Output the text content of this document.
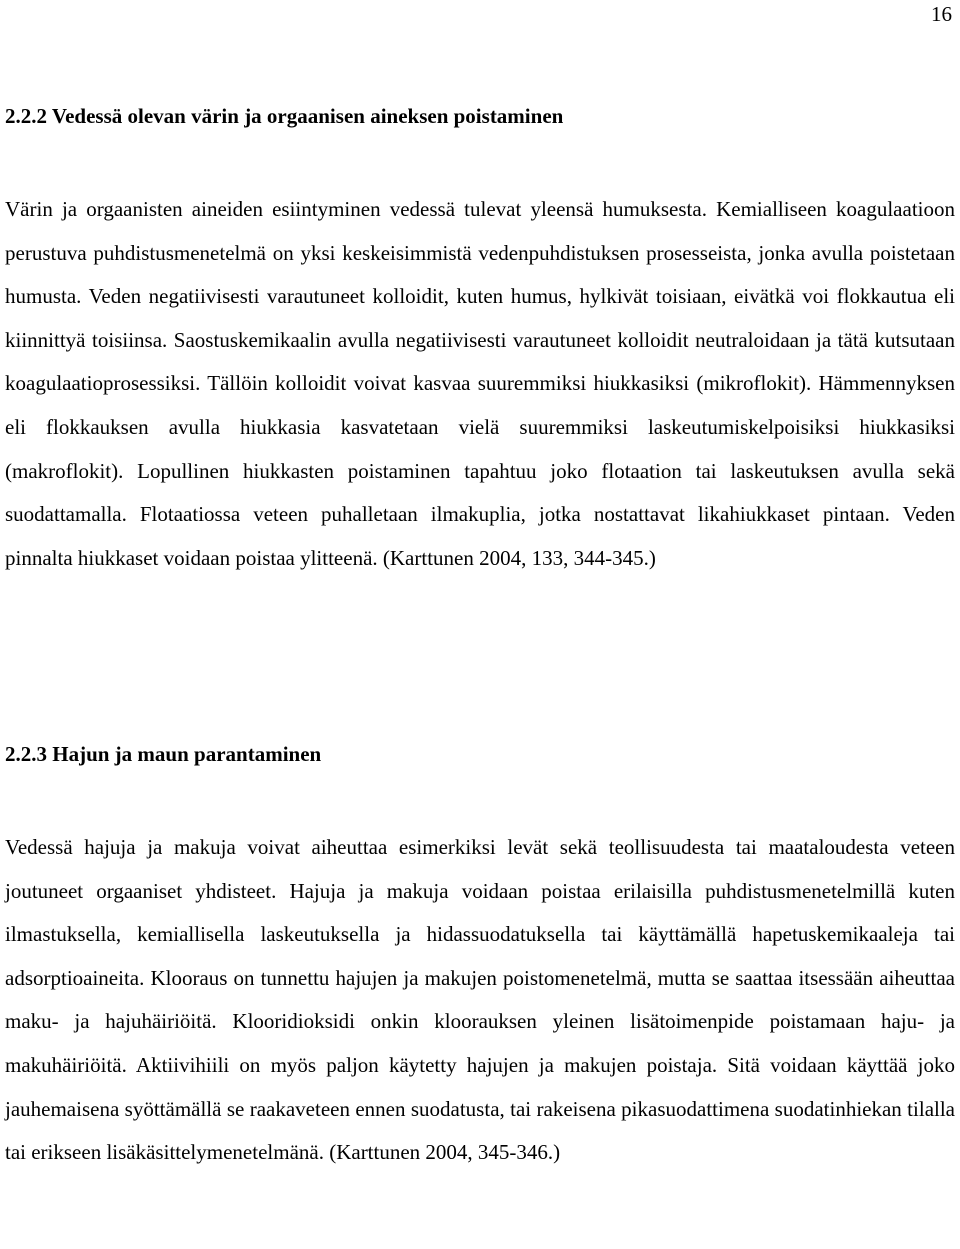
16
2.2.2 Vedessä olevan värin ja orgaanisen aineksen poistaminen

Värin ja orgaanisten aineiden esiintyminen vedessä tulevat yleensä humuksesta. Kemialliseen koagulaatioon perustuva puhdistusmenetelmä on yksi keskeisimmistä vedenpuhdistuksen prosesseista, jonka avulla poistetaan humusta. Veden negatiivisesti varautuneet kolloidit, kuten humus, hylkivät toisiaan, eivätkä voi flokkautua eli kiinnittyä toisiinsa. Saostuskemikaalin avulla negatiivisesti varautuneet kolloidit neutraloidaan ja tätä kutsutaan koagulaatioprosessiksi. Tällöin kolloidit voivat kasvaa suuremmiksi hiukkasiksi (mikroflokit). Hämmennyksen eli flokkauksen avulla hiukkasia kasvatetaan vielä suuremmiksi laskeutumiskelpoisiksi hiukkasiksi (makroflokit). Lopullinen hiukkasten poistaminen tapahtuu joko flotaation tai laskeutuksen avulla sekä suodattamalla. Flotaatiossa veteen puhalletaan ilmakuplia, jotka nostattavat likahiukkaset pintaan. Veden pinnalta hiukkaset voidaan poistaa ylitteenä. (Karttunen 2004, 133, 344-345.)

2.2.3 Hajun ja maun parantaminen

Vedessä hajuja ja makuja voivat aiheuttaa esimerkiksi levät sekä teollisuudesta tai maataloudesta veteen joutuneet orgaaniset yhdisteet. Hajuja ja makuja voidaan poistaa erilaisilla puhdistusmenetelmillä kuten ilmastuksella, kemiallisella laskeutuksella ja hidassuodatuksella tai käyttämällä hapetuskemikaaleja tai adsorptioaineita. Klooraus on tunnettu hajujen ja makujen poistomenetelmä, mutta se saattaa itsessään aiheuttaa maku- ja hajuhäiriöitä. Klooridioksidi onkin kloorauksen yleinen lisätoimenpide poistamaan haju- ja makuhäiriöitä. Aktiivihiili on myös paljon käytetty hajujen ja makujen poistaja. Sitä voidaan käyttää joko jauhemaisena syöttämällä se raakaveteen ennen suodatusta, tai rakeisena pikasuodattimena suodatinhiekan tilalla tai erikseen lisäkäsittelymenetelmänä. (Karttunen 2004, 345-346.)
